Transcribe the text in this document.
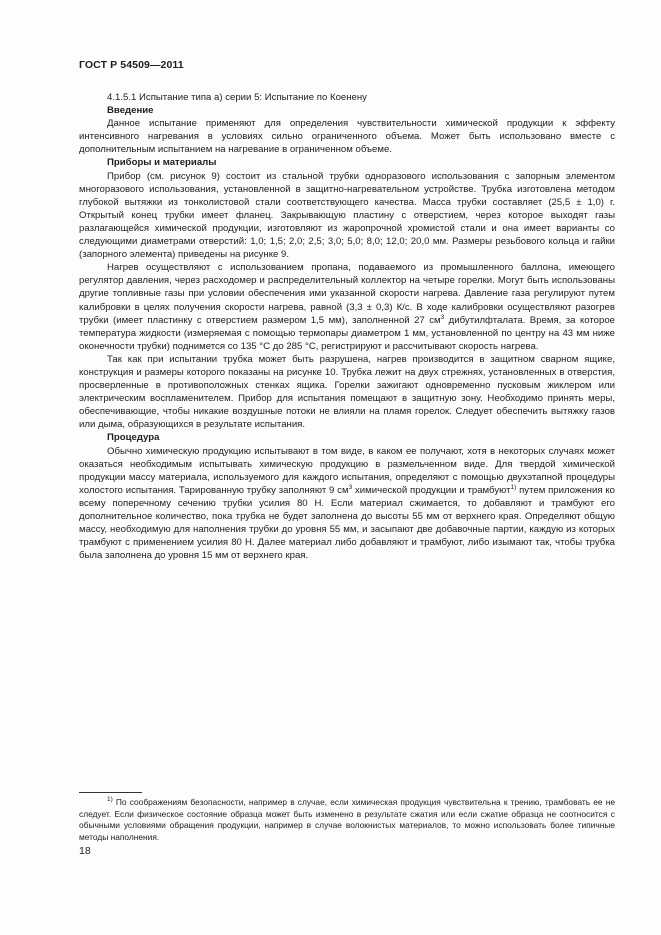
ГОСТ Р 54509—2011

4.1.5.1 Испытание типа а) серии 5: Испытание по Коенену

Введение

Данное испытание применяют для определения чувствительности химической продукции к эффекту интенсивного нагревания в условиях сильно ограниченного объема. Может быть использовано вместе с дополнительным испытанием на нагревание в ограниченном объеме.

Приборы и материалы

Прибор (см. рисунок 9) состоит из стальной трубки одноразового использования с запорным элементом многоразового использования, установленной в защитно-нагревательном устройстве. Трубка изготовлена методом глубокой вытяжки из тонколистовой стали соответствующего качества. Масса трубки составляет (25,5 ± 1,0) г. Открытый конец трубки имеет фланец. Закрывающую пластину с отверстием, через которое выходят газы разлагающейся химической продукции, изготовляют из жаропрочной хромистой стали и она имеет варианты со следующими диаметрами отверстий: 1,0; 1,5; 2,0; 2,5; 3,0; 5,0; 8,0; 12,0; 20,0 мм. Размеры резьбового кольца и гайки (запорного элемента) приведены на рисунке 9.

Нагрев осуществляют с использованием пропана, подаваемого из промышленного баллона, имеющего регулятор давления, через расходомер и распределительный коллектор на четыре горелки. Могут быть использованы другие топливные газы при условии обеспечения ими указанной скорости нагрева. Давление газа регулируют путем калибровки в целях получения скорости нагрева, равной (3,3 ± 0,3) К/с. В ходе калибровки осуществляют разогрев трубки (имеет пластинку с отверстием размером 1,5 мм), заполненной 27 $см^3$ дибутилфталата. Время, за которое температура жидкости (измеряемая с помощью термопары диаметром 1 мм, установленной по центру на 43 мм ниже оконечности трубки) поднимется со 135 °С до 285 °С, регистрируют и рассчитывают скорость нагрева.

Так как при испытании трубка может быть разрушена, нагрев производится в защитном сварном ящике, конструкция и размеры которого показаны на рисунке 10. Трубка лежит на двух стрежнях, установленных в отверстия, просверленные в противоположных стенках ящика. Горелки зажигают одновременно пусковым жиклером или электрическим воспламенителем. Прибор для испытания помещают в защитную зону. Необходимо принять меры, обеспечивающие, чтобы никакие воздушные потоки не влияли на пламя горелок. Следует обеспечить вытяжку газов или дыма, образующихся в результате испытания.

Процедура

Обычно химическую продукцию испытывают в том виде, в каком ее получают, хотя в некоторых случаях может оказаться необходимым испытывать химическую продукцию в размельченном виде. Для твердой химической продукции массу материала, используемого для каждого испытания, определяют с помощью двухэтапной процедуры холостого испытания. Тарированную трубку заполняют 9 $см^3$ химической продукции и трамбуют$^{1)}$ путем приложения ко всему поперечному сечению трубки усилия 80 Н. Если материал сжимается, то добавляют и трамбуют его дополнительное количество, пока трубка не будет заполнена до высоты 55 мм от верхнего края. Определяют общую массу, необходимую для наполнения трубки до уровня 55 мм, и засыпают две добавочные партии, каждую из которых трамбуют с применением усилия 80 Н. Далее материал либо добавляют и трамбуют, либо изымают так, чтобы трубка была заполнена до уровня 15 мм от верхнего края.

$^{1)}$ По соображениям безопасности, например в случае, если химическая продукция чувствительна к трению, трамбовать ее не следует. Если физическое состояние образца может быть изменено в результате сжатия или если сжатие образца не соотносится с обычными условиями обращения продукции, например в случае волокнистых материалов, то можно использовать более типичные методы наполнения.

18
